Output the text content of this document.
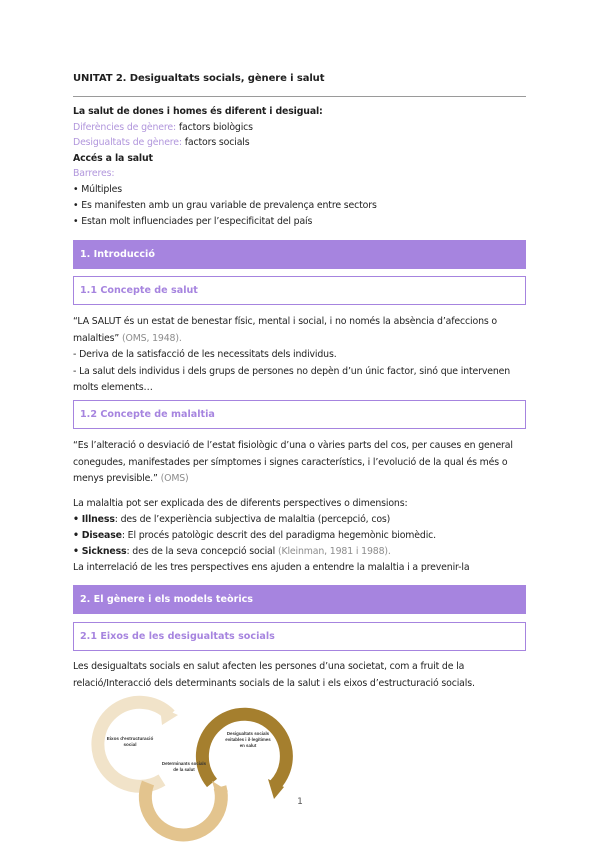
UNITAT 2. Desigualtats socials, gènere i salut
La salut de dones i homes és diferent i desigual:
Diferències de gènere: factors biològics
Desigualtats de gènere: factors socials
Accés a la salut
Barreres:
• Múltiples
• Es manifesten amb un grau variable de prevalença entre sectors
• Estan molt influenciades per l’especificitat del país
1. Introducció
1.1 Concepte de salut
“LA SALUT és un estat de benestar físic, mental i social, i no només la absència d’afeccions o
malalties” (OMS, 1948).
- Deriva de la satisfacció de les necessitats dels individus.
- La salut dels individus i dels grups de persones no depèn d’un únic factor, sinó que intervenen
molts elements…
1.2 Concepte de malaltia
“Es l’alteració o desviació de l’estat fisiològic d’una o vàries parts del cos, per causes en general
conegudes, manifestades per símptomes i signes característics, i l’evolució de la qual és més o
menys previsible.” (OMS)
La malaltia pot ser explicada des de diferents perspectives o dimensions:
• Illness: des de l’experiència subjectiva de malaltia (percepció, cos)
• Disease: El procés patològic descrit des del paradigma hegemònic biomèdic.
• Sickness: des de la seva concepció social (Kleinman, 1981 i 1988).
La interrelació de les tres perspectives ens ajuden a entendre la malaltia i a prevenir-la
2. El gènere i els models teòrics
2.1 Eixos de les desigualtats socials
Les desigualtats socials en salut afecten les persones d’una societat, com a fruit de la
relació/Interacció dels determinants socials de la salut i els eixos d’estructuració socials.
Eixos d'estructuració
social
Desigualtats socials
evitables i il·legítimes
en salut
Determinants socials
de la salut
1
